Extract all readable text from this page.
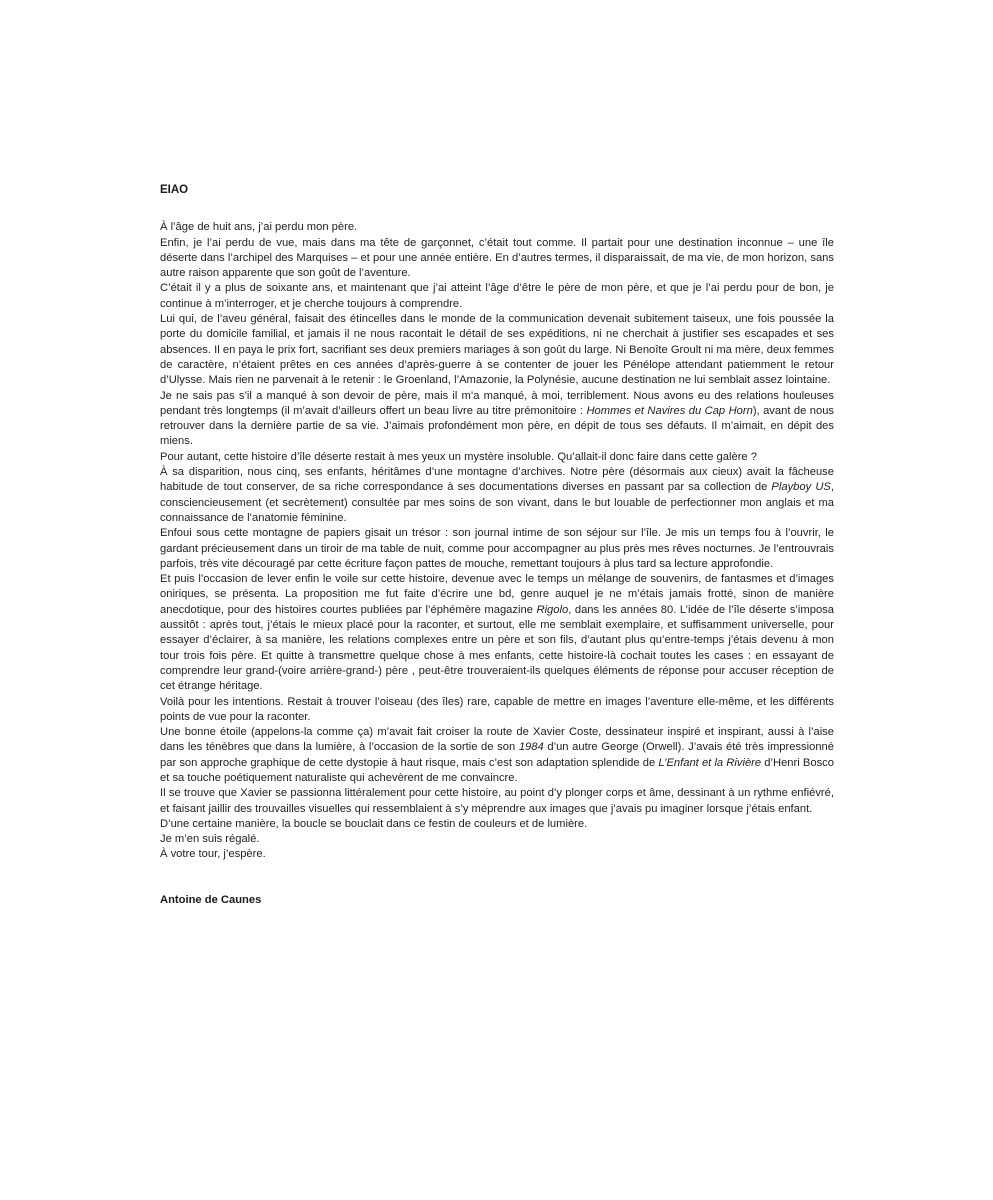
EIAO

À l’âge de huit ans, j’ai perdu mon père.

Enfin, je l’ai perdu de vue, mais dans ma tête de garçonnet, c’était tout comme. Il partait pour une destination inconnue – une île déserte dans l’archipel des Marquises – et pour une année entière. En d’autres termes, il disparaissait, de ma vie, de mon horizon, sans autre raison apparente que son goût de l’aventure.

C’était il y a plus de soixante ans, et maintenant que j’ai atteint l’âge d’être le père de mon père, et que je l’ai perdu pour de bon, je continue à m’interroger, et je cherche toujours à comprendre.

Lui qui, de l’aveu général, faisait des étincelles dans le monde de la communication devenait subitement taiseux, une fois poussée la porte du domicile familial, et jamais il ne nous racontait le détail de ses expéditions, ni ne cherchait à justifier ses escapades et ses absences. Il en paya le prix fort, sacrifiant ses deux premiers mariages à son goût du large. Ni Benoîte Groult ni ma mère, deux femmes de caractère, n’étaient prêtes en ces années d’après-guerre à se contenter de jouer les Pénélope attendant patiemment le retour d’Ulysse. Mais rien ne parvenait à le retenir : le Groenland, l’Amazonie, la Polynésie, aucune destination ne lui semblait assez lointaine.

Je ne sais pas s’il a manqué à son devoir de père, mais il m’a manqué, à moi, terriblement. Nous avons eu des relations houleuses pendant très longtemps (il m’avait d’ailleurs offert un beau livre au titre prémonitoire : Hommes et Navires du Cap Horn), avant de nous retrouver dans la dernière partie de sa vie. J’aimais profondément mon père, en dépit de tous ses défauts. Il m’aimait, en dépit des miens.

Pour autant, cette histoire d’île déserte restait à mes yeux un mystère insoluble. Qu’allait-il donc faire dans cette galère ?

À sa disparition, nous cinq, ses enfants, héritâmes d’une montagne d’archives. Notre père (désormais aux cieux) avait la fâcheuse habitude de tout conserver, de sa riche correspondance à ses documentations diverses en passant par sa collection de Playboy US, consciencieusement (et secrètement) consultée par mes soins de son vivant, dans le but louable de perfectionner mon anglais et ma connaissance de l’anatomie féminine.

Enfoui sous cette montagne de papiers gisait un trésor : son journal intime de son séjour sur l’île. Je mis un temps fou à l’ouvrir, le gardant précieusement dans un tiroir de ma table de nuit, comme pour accompagner au plus près mes rêves nocturnes. Je l’entrouvrais parfois, très vite découragé par cette écriture façon pattes de mouche, remettant toujours à plus tard sa lecture approfondie.

Et puis l’occasion de lever enfin le voile sur cette histoire, devenue avec le temps un mélange de souvenirs, de fantasmes et d’images oniriques, se présenta. La proposition me fut faite d’écrire une bd, genre auquel je ne m’étais jamais frotté, sinon de manière anecdotique, pour des histoires courtes publiées par l’éphémère magazine Rigolo, dans les années 80. L’idée de l’île déserte s’imposa aussitôt : après tout, j’étais le mieux placé pour la raconter, et surtout, elle me semblait exemplaire, et suffisamment universelle, pour essayer d’éclairer, à sa manière, les relations complexes entre un père et son fils, d’autant plus qu’entre-temps j’étais devenu à mon tour trois fois père. Et quitte à transmettre quelque chose à mes enfants, cette histoire-là cochait toutes les cases : en essayant de comprendre leur grand-(voire arrière-grand-) père , peut-être trouveraient-ils quelques éléments de réponse pour accuser réception de cet étrange héritage.

Voilà pour les intentions. Restait à trouver l’oiseau (des îles) rare, capable de mettre en images l’aventure elle-même, et les différents points de vue pour la raconter.

Une bonne étoile (appelons-la comme ça) m’avait fait croiser la route de Xavier Coste, dessinateur inspiré et inspirant, aussi à l’aise dans les ténèbres que dans la lumière, à l’occasion de la sortie de son 1984 d’un autre George (Orwell). J’avais été très impressionné par son approche graphique de cette dystopie à haut risque, mais c’est son adaptation splendide de L’Enfant et la Rivière d’Henri Bosco et sa touche poétiquement naturaliste qui achevèrent de me convaincre.

Il se trouve que Xavier se passionna littéralement pour cette histoire, au point d’y plonger corps et âme, dessinant à un rythme enfiévré, et faisant jaillir des trouvailles visuelles qui ressemblaient à s’y méprendre aux images que j’avais pu imaginer lorsque j’étais enfant.

D’une certaine manière, la boucle se bouclait dans ce festin de couleurs et de lumière.

Je m’en suis régalé.

À votre tour, j’espère.

Antoine de Caunes
